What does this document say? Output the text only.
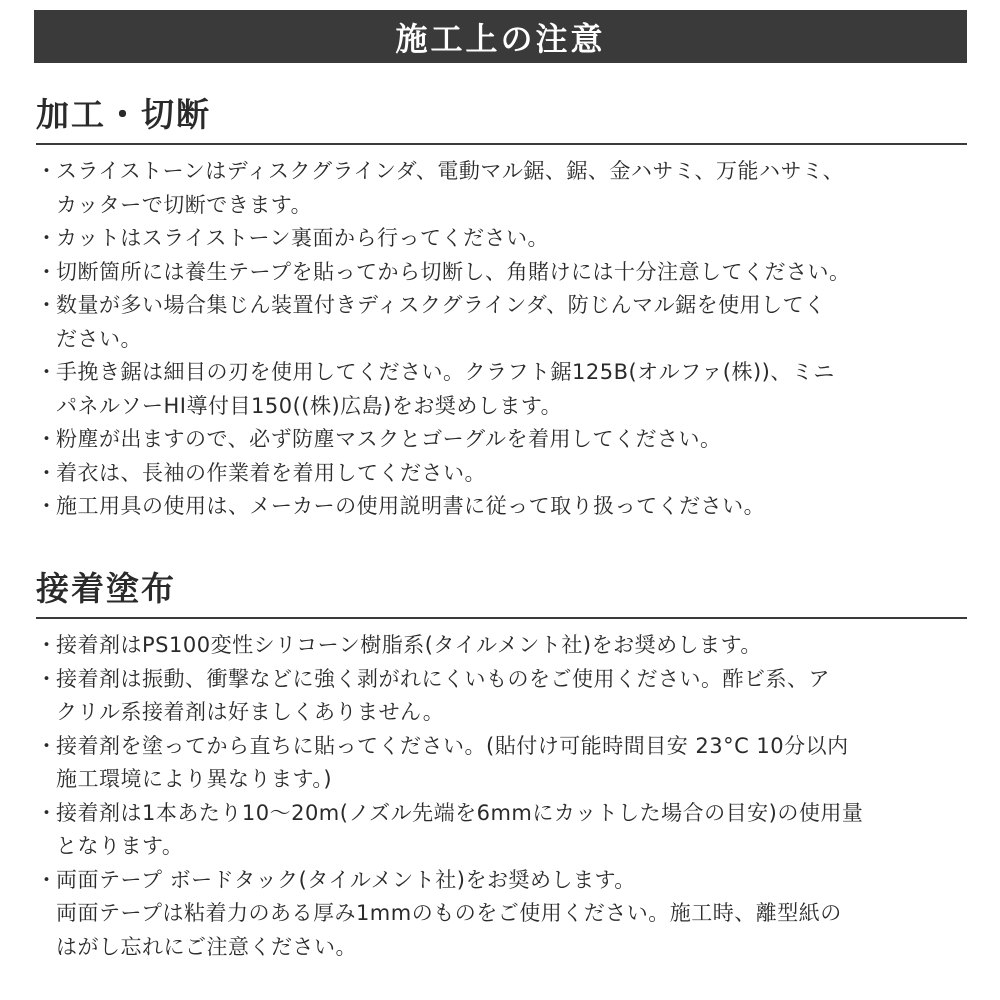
施工上の注意
加工・切断
・
スライストーンはディスクグラインダ、電動マル鋸、鋸、金ハサミ、万能ハサミ、
カッターで切断できます。
・
カットはスライストーン裏面から行ってください。
・
切断箇所には養生テープを貼ってから切断し、角賭けには十分注意してください。
・
数量が多い場合集じん装置付きディスクグラインダ、防じんマル鋸を使用してく
ださい。
・
手挽き鋸は細目の刃を使用してください。クラフト鋸125B(オルファ(株))、ミニ
パネルソーHI導付目150((株)広島)をお奨めします。
・
粉塵が出ますので、必ず防塵マスクとゴーグルを着用してください。
・
着衣は、長袖の作業着を着用してください。
・
施工用具の使用は、メーカーの使用説明書に従って取り扱ってください。
接着塗布
・
接着剤はPS100変性シリコーン樹脂系(タイルメント社)をお奨めします。
・
接着剤は振動、衝撃などに強く剥がれにくいものをご使用ください。酢ビ系、ア
クリル系接着剤は好ましくありません。
・
接着剤を塗ってから直ちに貼ってください。(貼付け可能時間目安 23°C 10分以内
施工環境により異なります。)
・
接着剤は1本あたり10〜20m(ノズル先端を6mmにカットした場合の目安)の使用量
となります。
・
両面テープ ボードタック(タイルメント社)をお奨めします。
両面テープは粘着力のある厚み1mmのものをご使用ください。施工時、離型紙の
はがし忘れにご注意ください。
